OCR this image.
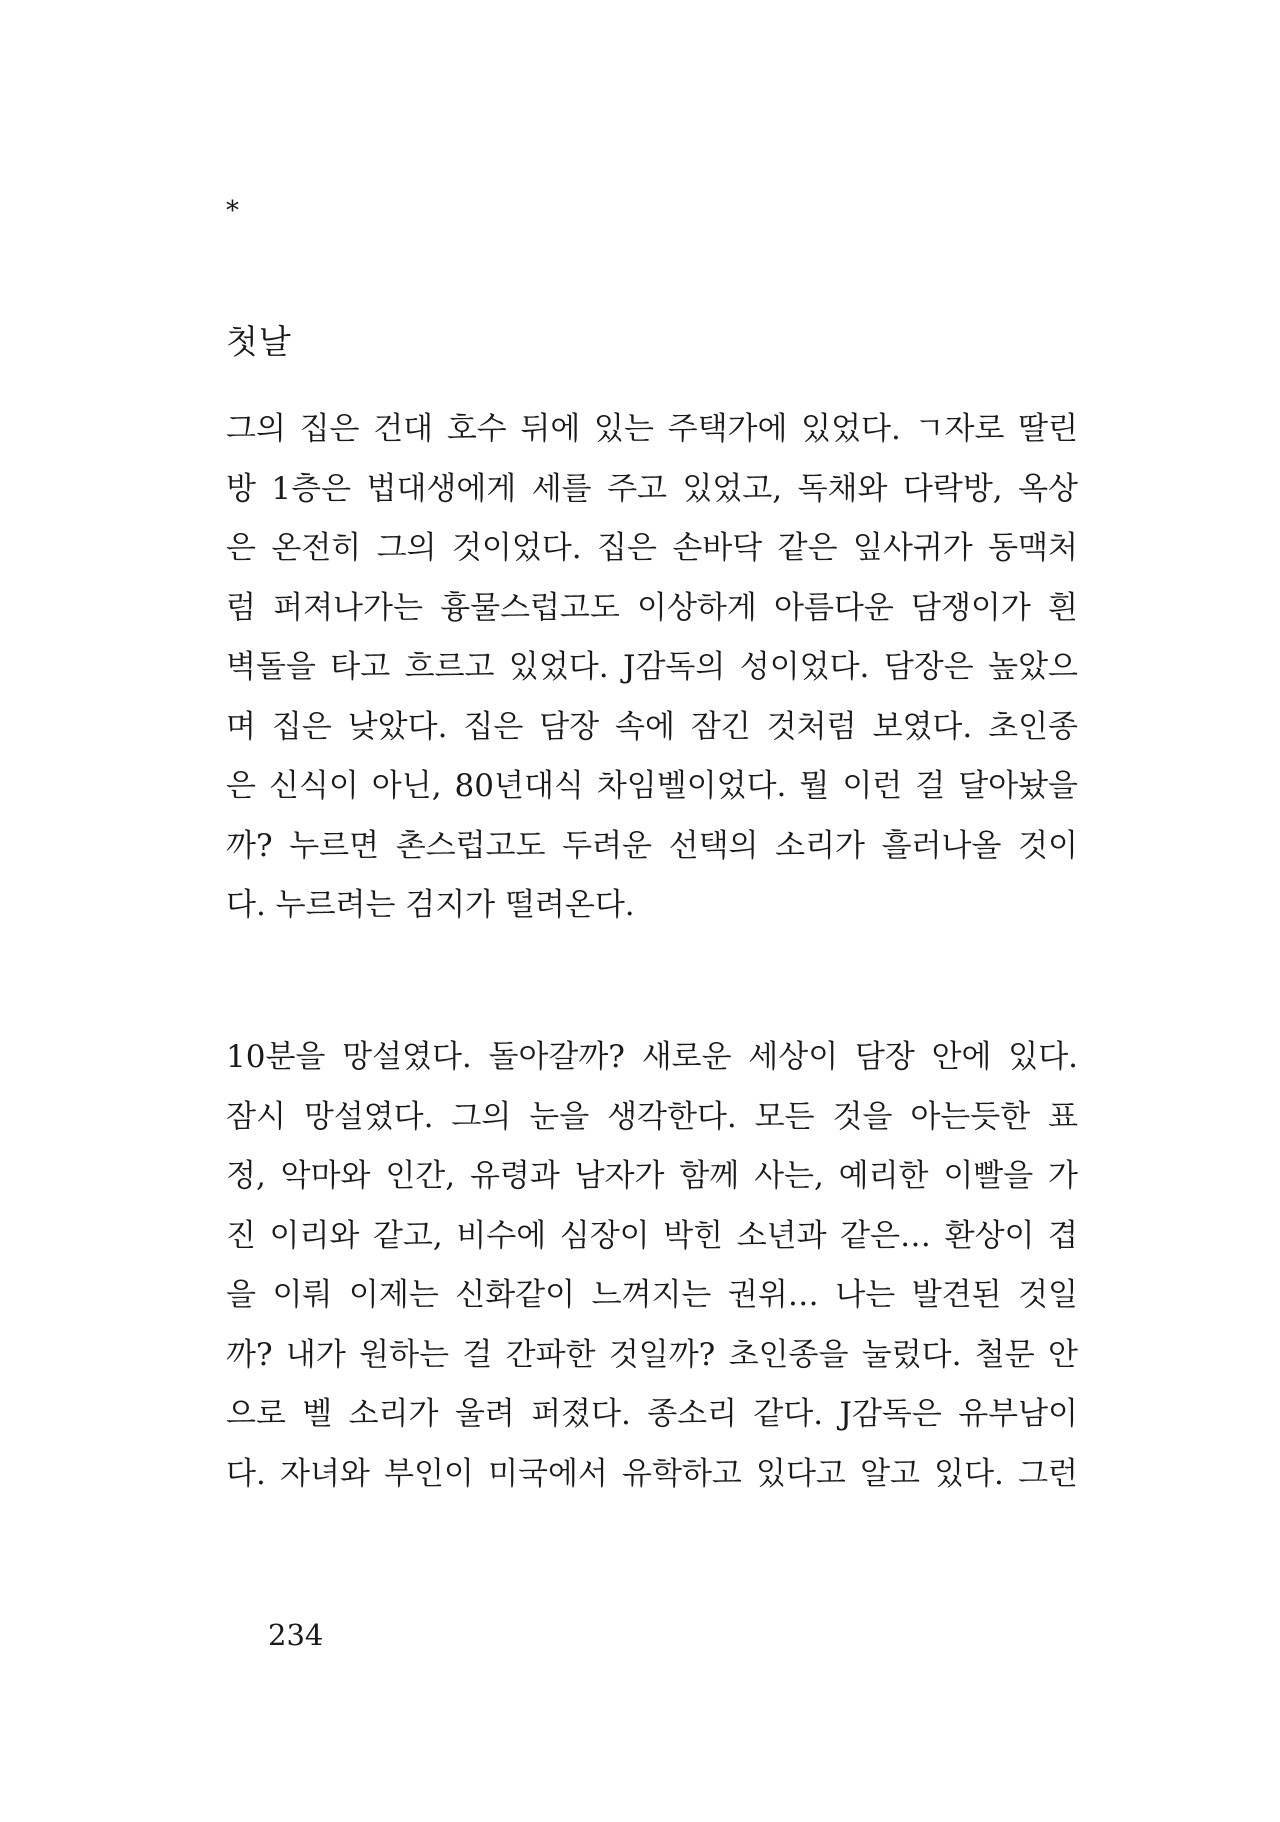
*
첫날
그의 집은 건대 호수 뒤에 있는 주택가에 있었다. ㄱ자로 딸린
방 1층은 법대생에게 세를 주고 있었고, 독채와 다락방, 옥상
은 온전히 그의 것이었다. 집은 손바닥 같은 잎사귀가 동맥처
럼 퍼져나가는 흉물스럽고도 이상하게 아름다운 담쟁이가 흰
벽돌을 타고 흐르고 있었다. J감독의 성이었다. 담장은 높았으
며 집은 낮았다. 집은 담장 속에 잠긴 것처럼 보였다. 초인종
은 신식이 아닌, 80년대식 차임벨이었다. 뭘 이런 걸 달아놨을
까? 누르면 촌스럽고도 두려운 선택의 소리가 흘러나올 것이
다. 누르려는 검지가 떨려온다.
10분을 망설였다. 돌아갈까? 새로운 세상이 담장 안에 있다.
잠시 망설였다. 그의 눈을 생각한다. 모든 것을 아는듯한 표
정, 악마와 인간, 유령과 남자가 함께 사는, 예리한 이빨을 가
진 이리와 같고, 비수에 심장이 박힌 소년과 같은… 환상이 겹
을 이뤄 이제는 신화같이 느껴지는 권위… 나는 발견된 것일
까? 내가 원하는 걸 간파한 것일까? 초인종을 눌렀다. 철문 안
으로 벨 소리가 울려 퍼졌다. 종소리 같다. J감독은 유부남이
다. 자녀와 부인이 미국에서 유학하고 있다고 알고 있다. 그런
234
